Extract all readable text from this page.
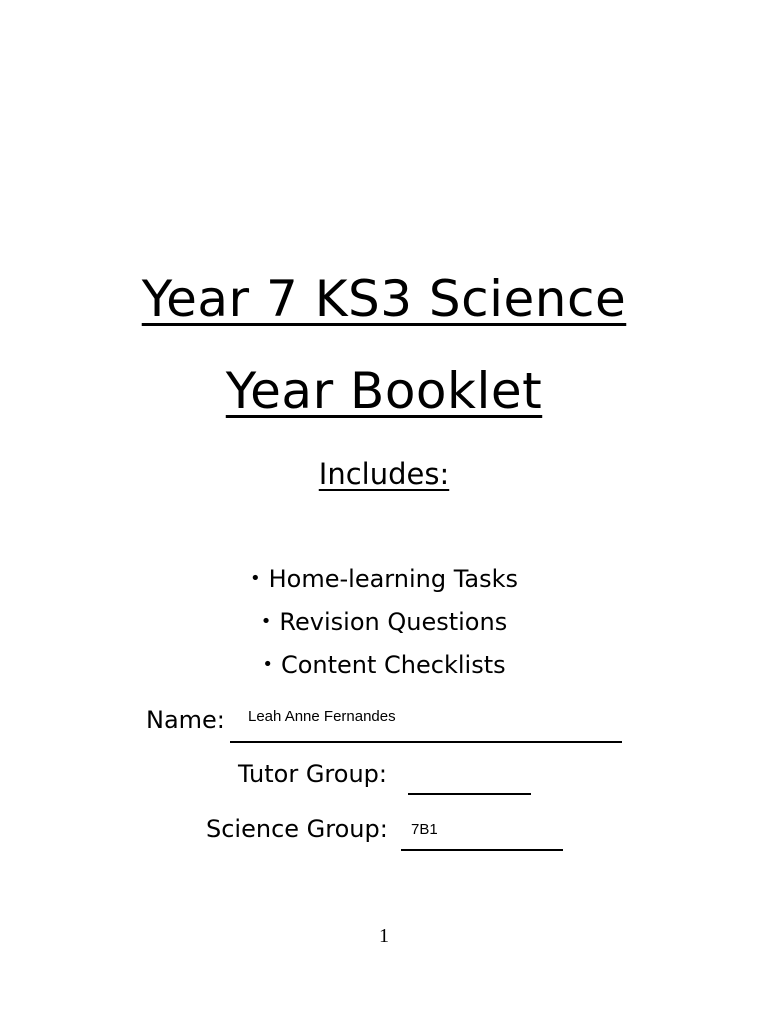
Year 7 KS3 Science
Year Booklet
Includes:
• Home-learning Tasks
• Revision Questions
• Content Checklists
Name: Leah Anne Fernandes
Tutor Group:
Science Group: 7B1
1
